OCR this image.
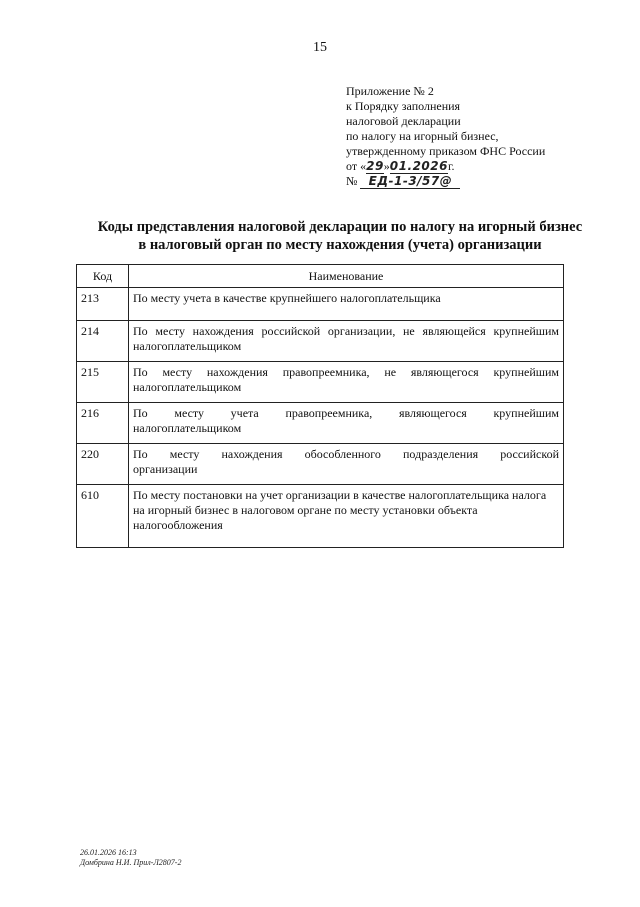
15
Приложение № 2
к Порядку заполнения
налоговой декларации
по налогу на игорный бизнес,
утвержденному приказом ФНС России
от «29»01.2026г.
№ ЕД-1-3/57@
Коды представления налоговой декларации по налогу на игорный бизнес
в налоговый орган по месту нахождения (учета) организации
Код	Наименование
213	По месту учета в качестве крупнейшего налогоплательщика
214	По месту нахождения российской организации, не являющейся крупнейшим налогоплательщиком
215	По месту нахождения правопреемника, не являющегося крупнейшим
налогоплательщиком
216	По месту учета правопреемника, являющегося крупнейшим
налогоплательщиком
220	По месту нахождения обособленного подразделения российской
организации
610	По месту постановки на учет организации в качестве налогоплательщика налога на игорный бизнес в налоговом органе по месту установки объекта налогообложения
26.01.2026 16:13
Домбрина Н.И. Прил-Л2807-2
